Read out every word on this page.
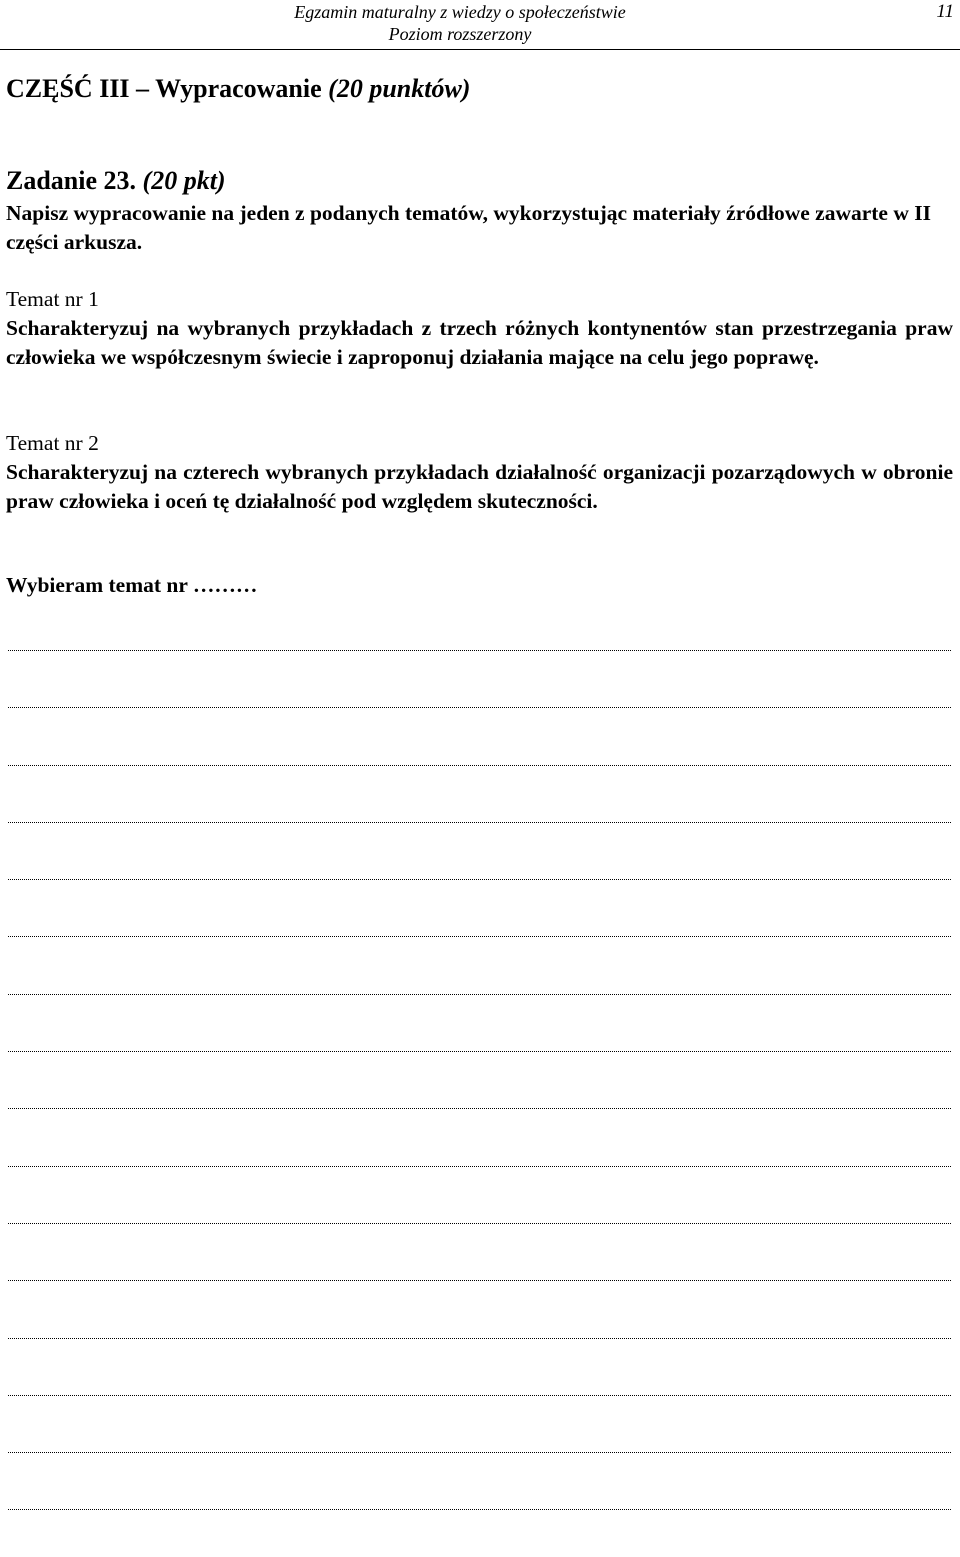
Egzamin maturalny z wiedzy o społeczeństwie
Poziom rozszerzony
11
CZĘŚĆ III – Wypracowanie (20 punktów)
Zadanie 23. (20 pkt)
Napisz wypracowanie na jeden z podanych tematów, wykorzystując materiały źródłowe zawarte w II części arkusza.
Temat nr 1
Scharakteryzuj na wybranych przykładach z trzech różnych kontynentów stan przestrzegania praw człowieka we współczesnym świecie i zaproponuj działania mające na celu jego poprawę.
Temat nr 2
Scharakteryzuj na czterech wybranych przykładach działalność organizacji pozarządowych w obronie praw człowieka i oceń tę działalność pod względem skuteczności.
Wybieram temat nr ………
